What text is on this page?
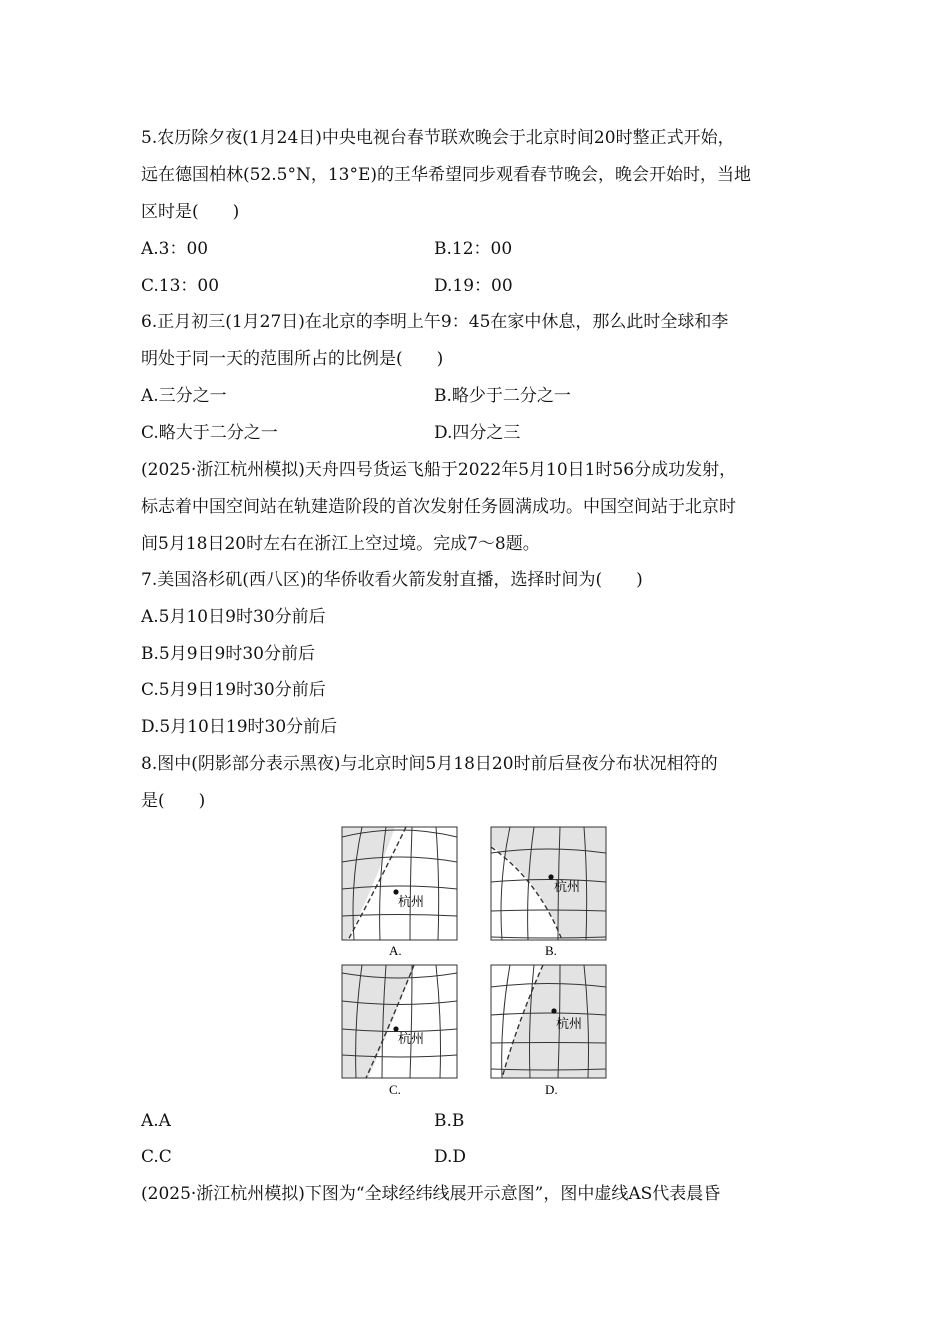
5.农历除夕夜(1月24日)中央电视台春节联欢晚会于北京时间20时整正式开始，
远在德国柏林(52.5°N，13°E)的王华希望同步观看春节晚会，晚会开始时，当地
区时是(　　)
A.3：00	B.12：00
C.13：00	D.19：00
6.正月初三(1月27日)在北京的李明上午9：45在家中休息，那么此时全球和李
明处于同一天的范围所占的比例是(　　)
A.三分之一	B.略少于二分之一
C.略大于二分之一	D.四分之三
(2025·浙江杭州模拟)天舟四号货运飞船于2022年5月10日1时56分成功发射，
标志着中国空间站在轨建造阶段的首次发射任务圆满成功。中国空间站于北京时
间5月18日20时左右在浙江上空过境。完成7～8题。
7.美国洛杉矶(西八区)的华侨收看火箭发射直播，选择时间为(　　)
A.5月10日9时30分前后
B.5月9日9时30分前后
C.5月9日19时30分前后
D.5月10日19时30分前后
8.图中(阴影部分表示黑夜)与北京时间5月18日20时前后昼夜分布状况相符的
是(　　)
杭州
A.
杭州
B.
杭州
C.
杭州
D.
A.A	B.B
C.C	D.D
(2025·浙江杭州模拟)下图为“全球经纬线展开示意图”，图中虚线AS代表晨昏
